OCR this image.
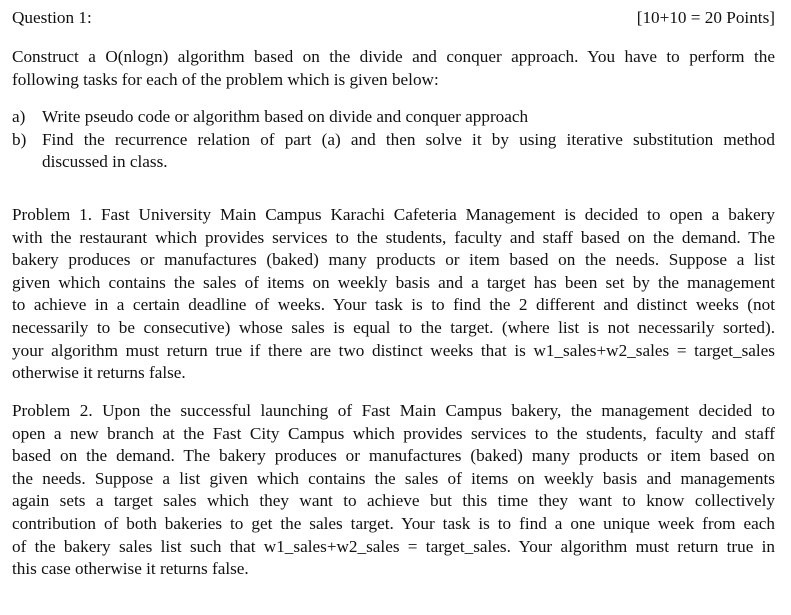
Question 1:	[10+10 = 20 Points]
Construct a O(nlogn) algorithm based on the divide and conquer approach. You have to perform the
following tasks for each of the problem which is given below:
a) Write pseudo code or algorithm based on divide and conquer approach
b) Find the recurrence relation of part (a) and then solve it by using iterative substitution method
discussed in class.
Problem 1. Fast University Main Campus Karachi Cafeteria Management is decided to open a bakery
with the restaurant which provides services to the students, faculty and staff based on the demand. The
bakery produces or manufactures (baked) many products or item based on the needs. Suppose a list
given which contains the sales of items on weekly basis and a target has been set by the management
to achieve in a certain deadline of weeks. Your task is to find the 2 different and distinct weeks (not
necessarily to be consecutive) whose sales is equal to the target. (where list is not necessarily sorted).
your algorithm must return true if there are two distinct weeks that is w1_sales+w2_sales = target_sales
otherwise it returns false.
Problem 2. Upon the successful launching of Fast Main Campus bakery, the management decided to
open a new branch at the Fast City Campus which provides services to the students, faculty and staff
based on the demand. The bakery produces or manufactures (baked) many products or item based on
the needs. Suppose a list given which contains the sales of items on weekly basis and managements
again sets a target sales which they want to achieve but this time they want to know collectively
contribution of both bakeries to get the sales target. Your task is to find a one unique week from each
of the bakery sales list such that w1_sales+w2_sales = target_sales. Your algorithm must return true in
this case otherwise it returns false.
